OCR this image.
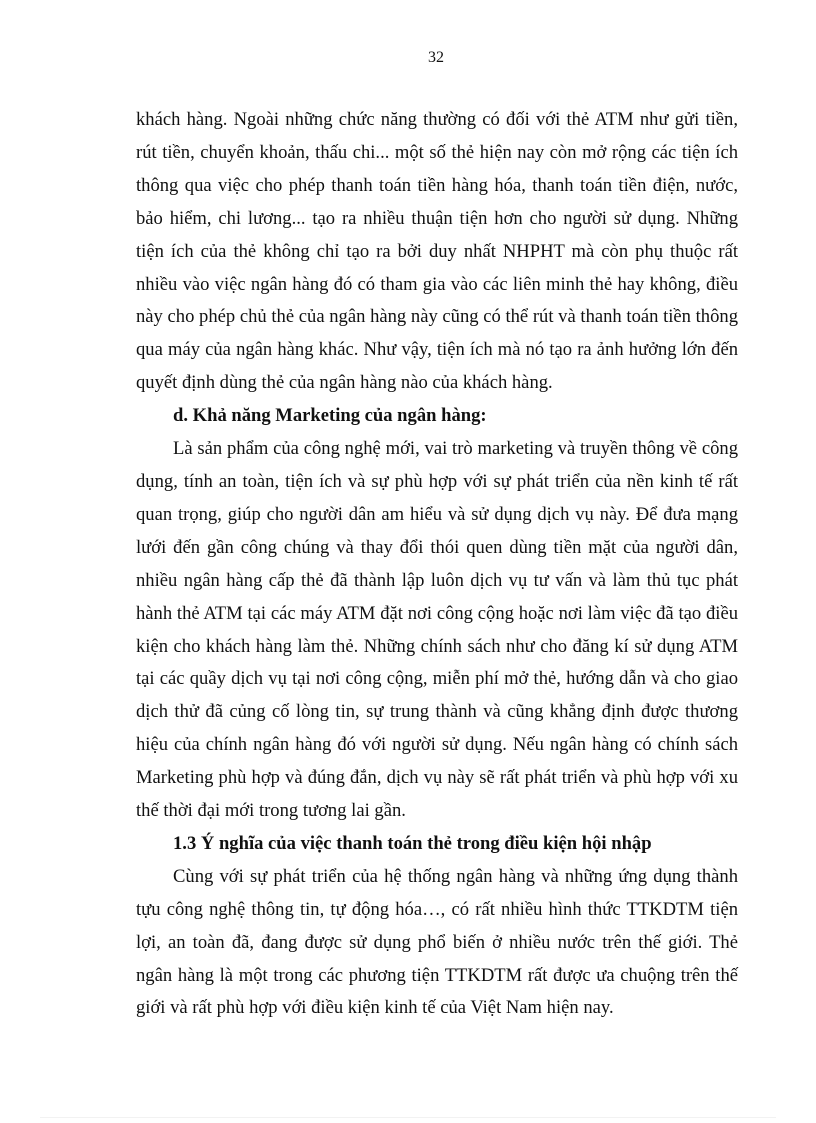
32

khách hàng. Ngoài những chức năng thường có đối với thẻ ATM như gửi tiền, rút tiền, chuyển khoản, thấu chi... một số thẻ hiện nay còn mở rộng các tiện ích thông qua việc cho phép thanh toán tiền hàng hóa, thanh toán tiền điện, nước, bảo hiểm, chi lương... tạo ra nhiều thuận tiện hơn cho người sử dụng. Những tiện ích của thẻ không chỉ tạo ra bởi duy nhất NHPHT mà còn phụ thuộc rất nhiều vào việc ngân hàng đó có tham gia vào các liên minh thẻ hay không, điều này cho phép chủ thẻ của ngân hàng này cũng có thể rút và thanh toán tiền thông qua máy của ngân hàng khác. Như vậy, tiện ích mà nó tạo ra ảnh hưởng lớn đến quyết định dùng thẻ của ngân hàng nào của khách hàng.

d. Khả năng Marketing của ngân hàng:

Là sản phẩm của công nghệ mới, vai trò marketing và truyền thông về công dụng, tính an toàn, tiện ích và sự phù hợp với sự phát triển của nền kinh tế rất quan trọng, giúp cho người dân am hiểu và sử dụng dịch vụ này. Để đưa mạng lưới đến gần công chúng và thay đổi thói quen dùng tiền mặt của người dân, nhiều ngân hàng cấp thẻ đã thành lập luôn dịch vụ tư vấn và làm thủ tục phát hành thẻ ATM tại các máy ATM đặt nơi công cộng hoặc nơi làm việc đã tạo điều kiện cho khách hàng làm thẻ. Những chính sách như cho đăng kí sử dụng ATM tại các quầy dịch vụ tại nơi công cộng, miễn phí mở thẻ, hướng dẫn và cho giao dịch thử đã củng cố lòng tin, sự trung thành và cũng khẳng định được thương hiệu của chính ngân hàng đó với người sử dụng. Nếu ngân hàng có chính sách Marketing phù hợp và đúng đắn, dịch vụ này sẽ rất phát triển và phù hợp với xu thế thời đại mới trong tương lai gần.

1.3 Ý nghĩa của việc thanh toán thẻ trong điều kiện hội nhập

Cùng với sự phát triển của hệ thống ngân hàng và những ứng dụng thành tựu công nghệ thông tin, tự động hóa…, có rất nhiều hình thức TTKDTM tiện lợi, an toàn đã, đang được sử dụng phổ biến ở nhiều nước trên thế giới. Thẻ ngân hàng là một trong các phương tiện TTKDTM rất được ưa chuộng trên thế giới và rất phù hợp với điều kiện kinh tế của Việt Nam hiện nay.
